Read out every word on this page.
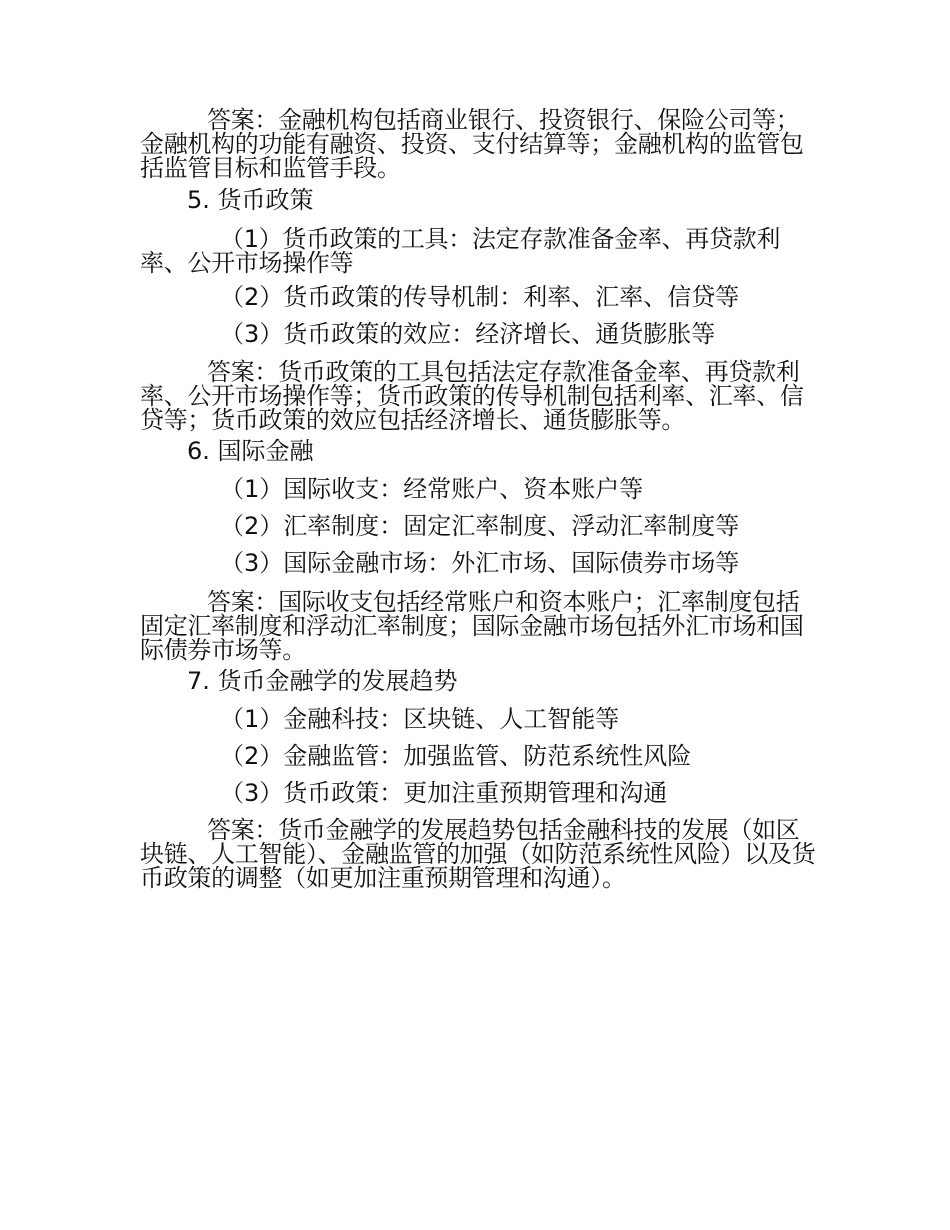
答案：金融机构包括商业银行、投资银行、保险公司等；金融机构的功能有融资、投资、支付结算等；金融机构的监管包括监管目标和监管手段。
5. 货币政策
（1）货币政策的工具：法定存款准备金率、再贷款利率、公开市场操作等
（2）货币政策的传导机制：利率、汇率、信贷等
（3）货币政策的效应：经济增长、通货膨胀等
答案：货币政策的工具包括法定存款准备金率、再贷款利率、公开市场操作等；货币政策的传导机制包括利率、汇率、信贷等；货币政策的效应包括经济增长、通货膨胀等。
6. 国际金融
（1）国际收支：经常账户、资本账户等
（2）汇率制度：固定汇率制度、浮动汇率制度等
（3）国际金融市场：外汇市场、国际债券市场等
答案：国际收支包括经常账户和资本账户；汇率制度包括固定汇率制度和浮动汇率制度；国际金融市场包括外汇市场和国际债券市场等。
7. 货币金融学的发展趋势
（1）金融科技：区块链、人工智能等
（2）金融监管：加强监管、防范系统性风险
（3）货币政策：更加注重预期管理和沟通
答案：货币金融学的发展趋势包括金融科技的发展（如区块链、人工智能）、金融监管的加强（如防范系统性风险）以及货币政策的调整（如更加注重预期管理和沟通）。
